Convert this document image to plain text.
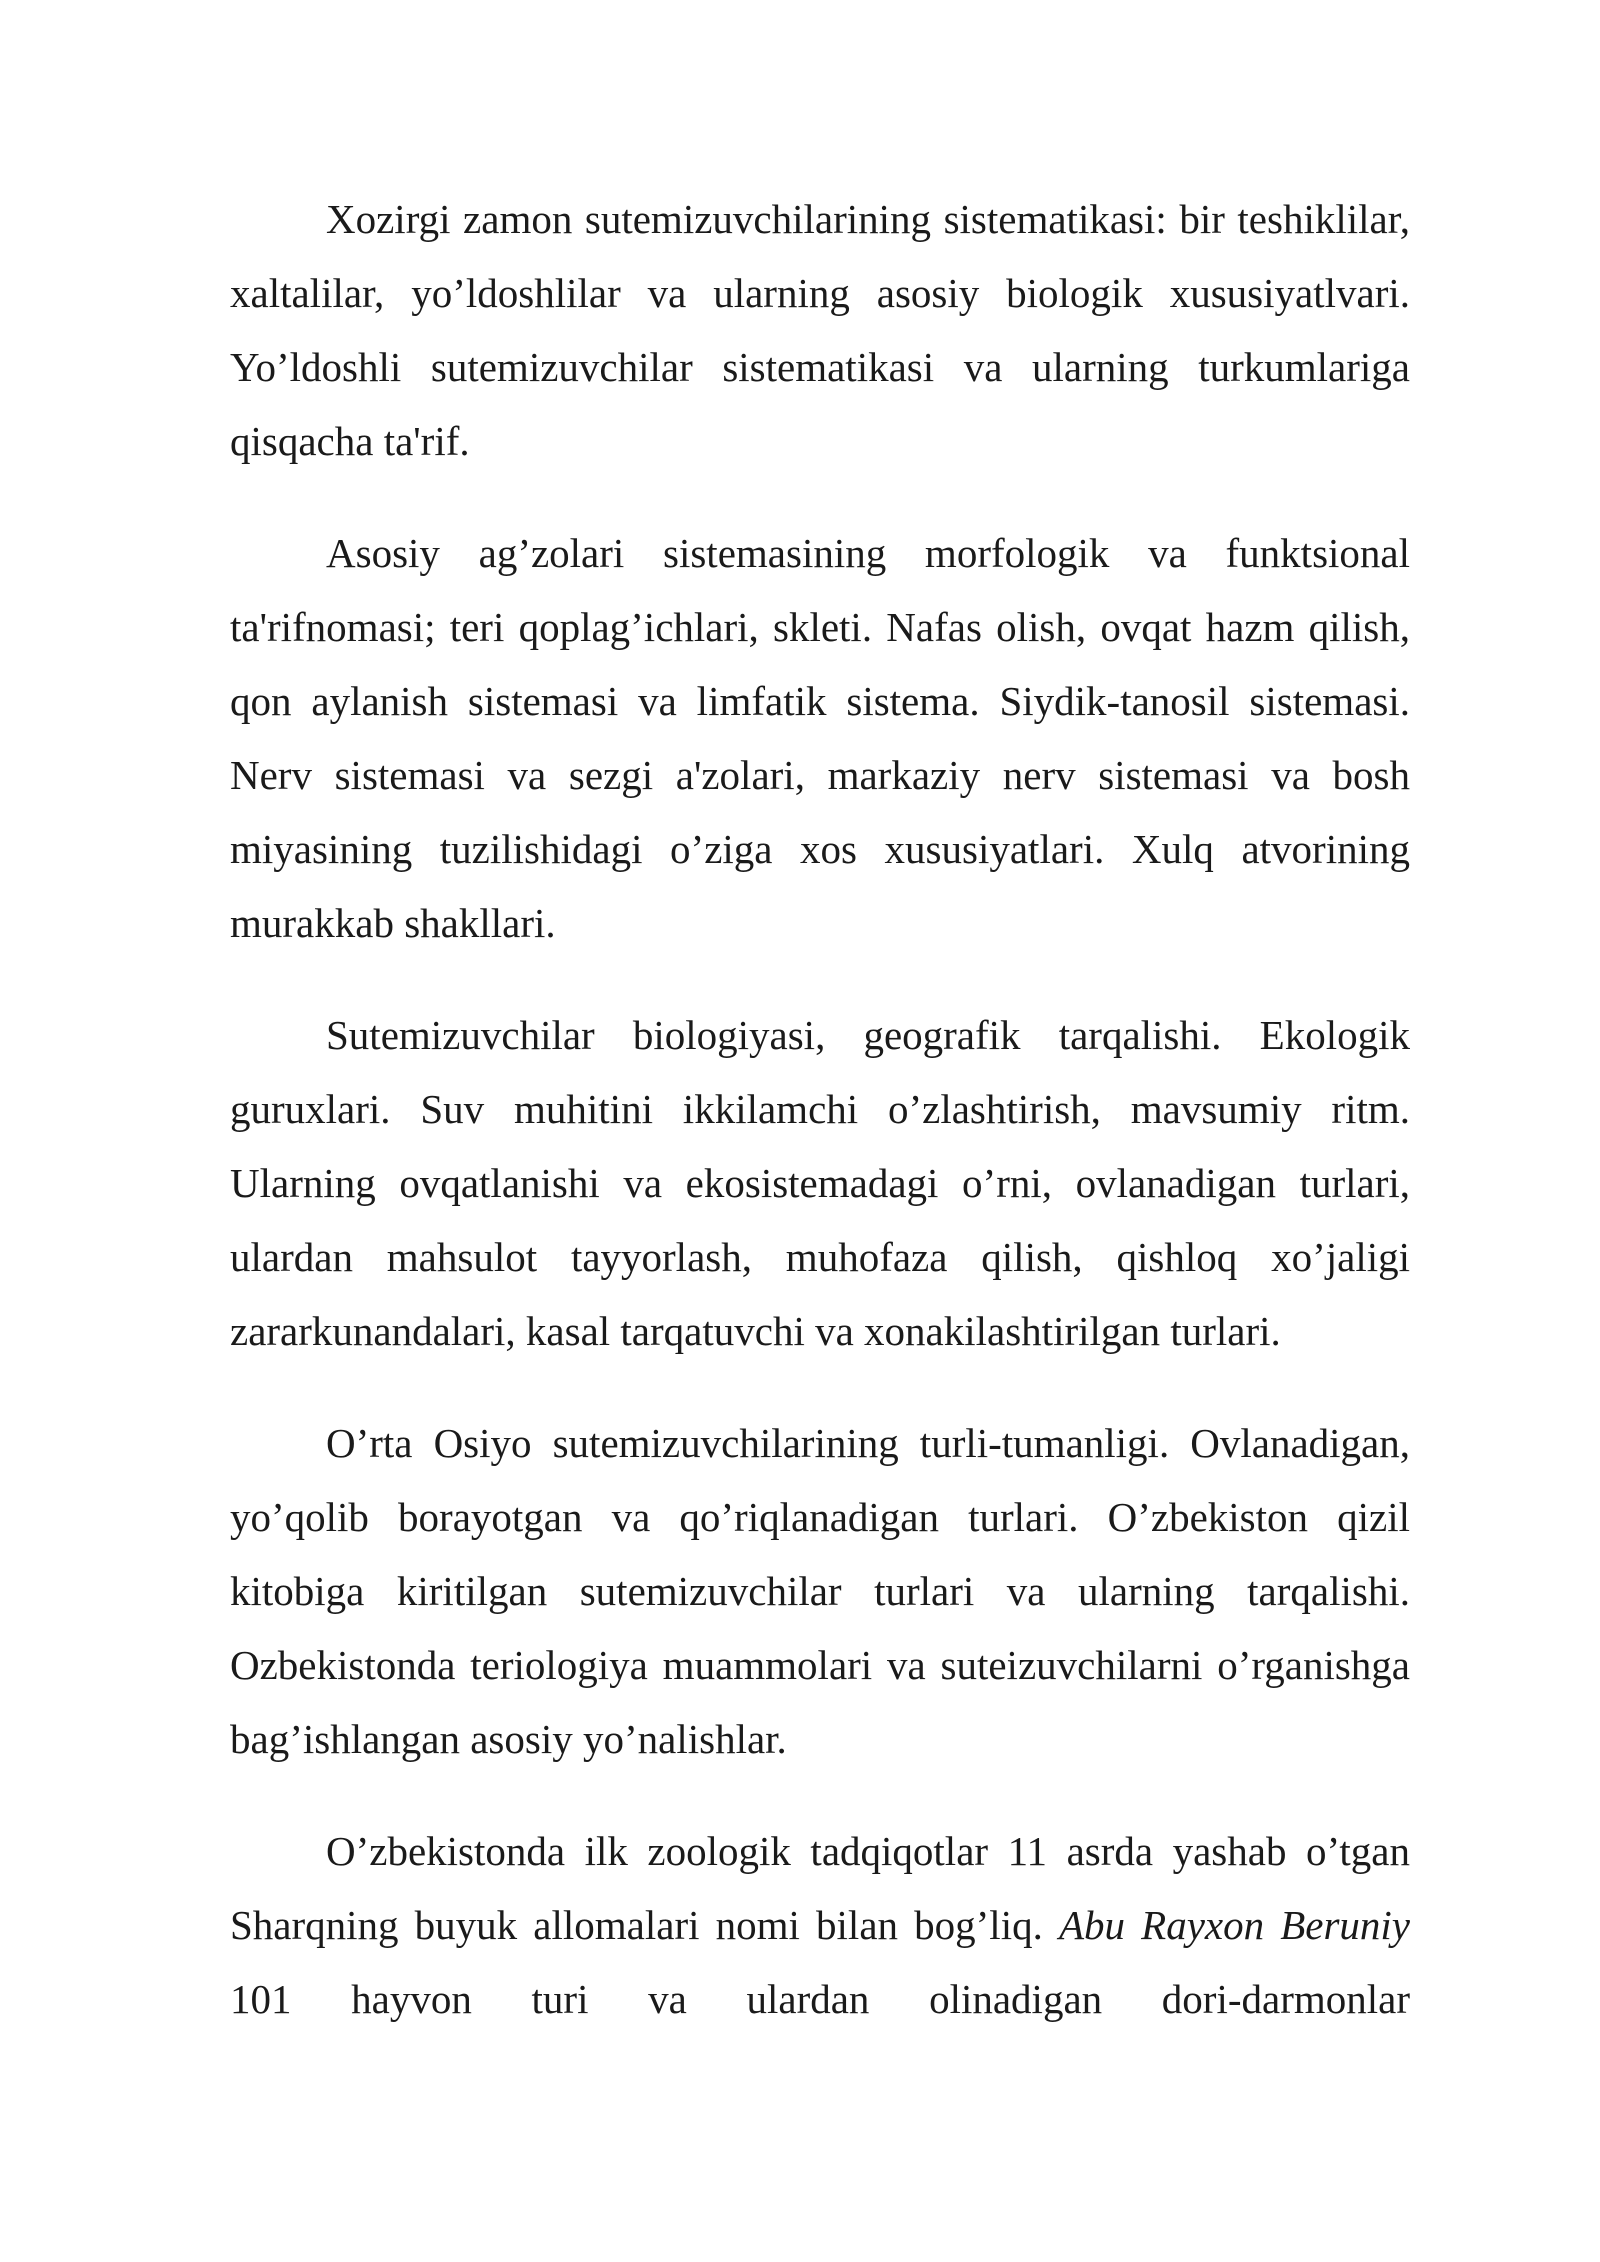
Xozirgi zamon sutemizuvchilarining sistematikasi: bir teshiklilar, xaltalilar, yo’ldoshlilar va ularning asosiy biologik xususiyatlvari. Yo’ldoshli sutemizuvchilar sistematikasi va ularning turkumlariga qisqacha ta'rif.

Asosiy ag’zolari sistemasining morfologik va funktsional ta'rifnomasi; teri qoplag’ichlari, skleti. Nafas olish, ovqat hazm qilish, qon aylanish sistemasi va limfatik sistema. Siydik-tanosil sistemasi. Nerv sistemasi va sezgi a'zolari, markaziy nerv sistemasi va bosh miyasining tuzilishidagi o’ziga xos xususiyatlari. Xulq atvorining murakkab shakllari.

Sutemizuvchilar biologiyasi, geografik tarqalishi. Ekologik guruxlari. Suv muhitini ikkilamchi o’zlashtirish, mavsumiy ritm. Ularning ovqatlanishi va ekosistemadagi o’rni, ovlanadigan turlari, ulardan mahsulot tayyorlash, muhofaza qilish, qishloq xo’jaligi zararkunandalari, kasal tarqatuvchi va xonakilashtirilgan turlari.

O’rta Osiyo sutemizuvchilarining turli-tumanligi. Ovlanadigan, yo’qolib borayotgan va qo’riqlanadigan turlari. O’zbekiston qizil kitobiga kiritilgan sutemizuvchilar turlari va ularning tarqalishi. Ozbekistonda teriologiya muammolari va suteizuvchilarni o’rganishga bag’ishlangan asosiy yo’nalishlar.

O’zbekistonda ilk zoologik tadqiqotlar 11 asrda yashab o’tgan Sharqning buyuk allomalari nomi bilan bog’liq. Abu Rayxon Beruniy 101 hayvon turi va ulardan olinadigan dori-darmonlar
